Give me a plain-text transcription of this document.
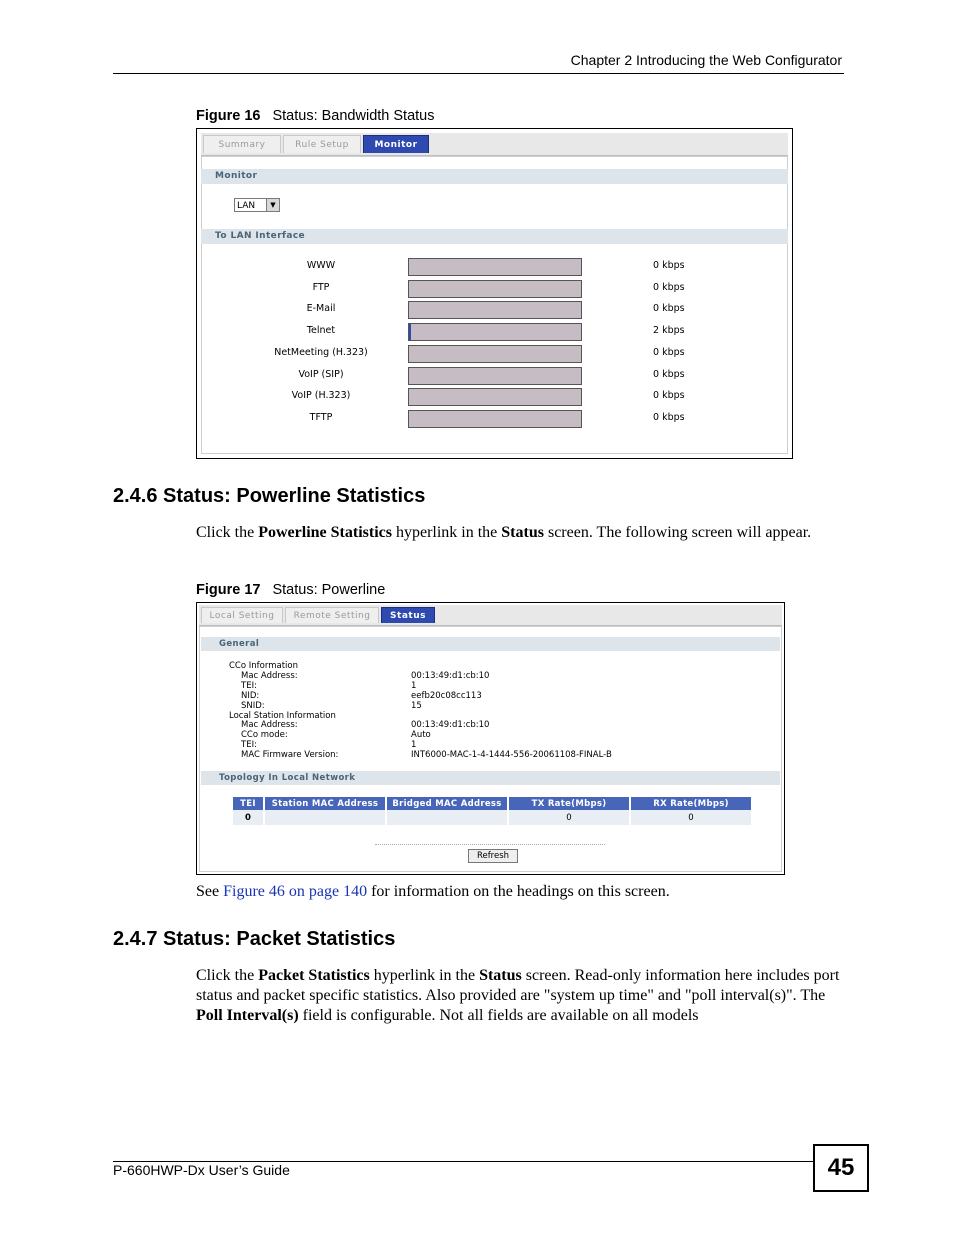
Chapter 2 Introducing the Web Configurator
Figure 16 Status: Bandwidth Status
Summary	Rule Setup	Monitor
Monitor
LAN	▼
To LAN Interface
WWW	0 kbps
FTP	0 kbps
E-Mail	0 kbps
Telnet	2 kbps
NetMeeting (H.323)	0 kbps
VoIP (SIP)	0 kbps
VoIP (H.323)	0 kbps
TFTP	0 kbps
2.4.6 Status: Powerline Statistics

Click the Powerline Statistics hyperlink in the Status screen. The following screen will appear.

Figure 17 Status: Powerline
Local Setting	Remote Setting	Status
General
CCo Information
Mac Address:	00:13:49:d1:cb:10
TEI:	1
NID:	eefb20c08cc113
SNID:	15
Local Station Information
Mac Address:	00:13:49:d1:cb:10
CCo mode:	Auto
TEI:	1
MAC Firmware Version:	INT6000-MAC-1-4-1444-556-20061108-FINAL-B
Topology In Local Network
TEI	Station MAC Address	Bridged MAC Address	TX Rate(Mbps)	RX Rate(Mbps)
0			0	0
Refresh

See Figure 46 on page 140 for information on the headings on this screen.

2.4.7 Status: Packet Statistics

Click the Packet Statistics hyperlink in the Status screen. Read-only information here includes port status and packet specific statistics. Also provided are "system up time" and "poll interval(s)". The Poll Interval(s) field is configurable. Not all fields are available on all models

P-660HWP-Dx User’s Guide	45
